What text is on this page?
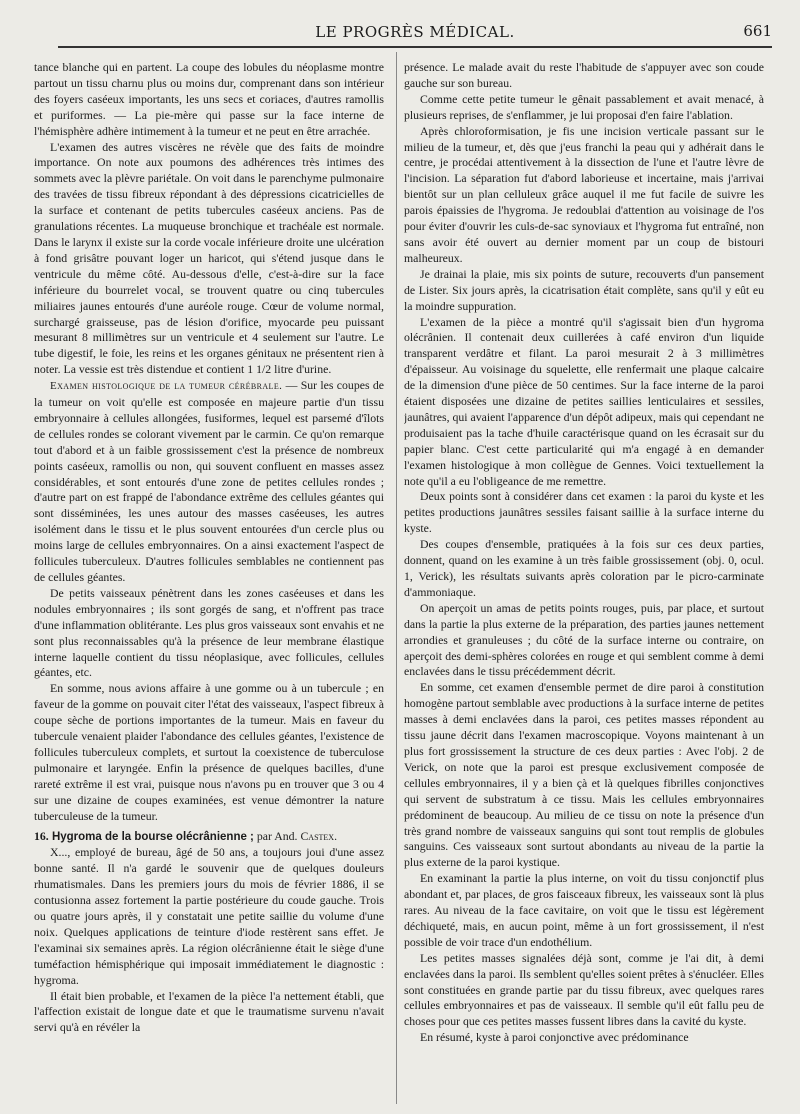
LE PROGRÈS MÉDICAL.	661

tance blanche qui en partent. La coupe des lobules du néoplasme montre partout un tissu charnu plus ou moins dur, comprenant dans son intérieur des foyers caséeux importants, les uns secs et coriaces, d'autres ramollis et puriformes. — La pie-mère qui passe sur la face interne de l'hémisphère adhère intimement à la tumeur et ne peut en être arrachée.

L'examen des autres viscères ne révèle que des faits de moindre importance. On note aux poumons des adhérences très intimes des sommets avec la plèvre pariétale. On voit dans le parenchyme pulmonaire des travées de tissu fibreux répondant à des dépressions cicatricielles de la surface et contenant de petits tubercules caséeux anciens. Pas de granulations récentes. La muqueuse bronchique et trachéale est normale. Dans le larynx il existe sur la corde vocale inférieure droite une ulcération à fond grisâtre pouvant loger un haricot, qui s'étend jusque dans le ventricule du même côté. Au-dessous d'elle, c'est-à-dire sur la face inférieure du bourrelet vocal, se trouvent quatre ou cinq tubercules miliaires jaunes entourés d'une auréole rouge. Cœur de volume normal, surchargé graisseuse, pas de lésion d'orifice, myocarde peu puissant mesurant 8 millimètres sur un ventricule et 4 seulement sur l'autre. Le tube digestif, le foie, les reins et les organes génitaux ne présentent rien à noter. La vessie est très distendue et contient 1 1/2 litre d'urine.

Examen histologique de la tumeur cérébrale. — Sur les coupes de la tumeur on voit qu'elle est composée en majeure partie d'un tissu embryonnaire à cellules allongées, fusiformes, lequel est parsemé d'îlots de cellules rondes se colorant vivement par le carmin. Ce qu'on remarque tout d'abord et à un faible grossissement c'est la présence de nombreux points caséeux, ramollis ou non, qui souvent confluent en masses assez considérables, et sont entourés d'une zone de petites cellules rondes ; d'autre part on est frappé de l'abondance extrême des cellules géantes qui sont disséminées, les unes autour des masses caséeuses, les autres isolément dans le tissu et le plus souvent entourées d'un cercle plus ou moins large de cellules embryonnaires. On a ainsi exactement l'aspect de follicules tuberculeux. D'autres follicules semblables ne contiennent pas de cellules géantes.

De petits vaisseaux pénètrent dans les zones caséeuses et dans les nodules embryonnaires ; ils sont gorgés de sang, et n'offrent pas trace d'une inflammation oblitérante. Les plus gros vaisseaux sont envahis et ne sont plus reconnaissables qu'à la présence de leur membrane élastique interne laquelle contient du tissu néoplasique, avec follicules, cellules géantes, etc.

En somme, nous avions affaire à une gomme ou à un tubercule ; en faveur de la gomme on pouvait citer l'état des vaisseaux, l'aspect fibreux à coupe sèche de portions importantes de la tumeur. Mais en faveur du tubercule venaient plaider l'abondance des cellules géantes, l'existence de follicules tuberculeux complets, et surtout la coexistence de tuberculose pulmonaire et laryngée. Enfin la présence de quelques bacilles, d'une rareté extrême il est vrai, puisque nous n'avons pu en trouver que 3 ou 4 sur une dizaine de coupes examinées, est venue démontrer la nature tuberculeuse de la tumeur.

16. Hygroma de la bourse olécrânienne ; par And. Castex.

X..., employé de bureau, âgé de 50 ans, a toujours joui d'une assez bonne santé. Il n'a gardé le souvenir que de quelques douleurs rhumatismales. Dans les premiers jours du mois de février 1886, il se contusionna assez fortement la partie postérieure du coude gauche. Trois ou quatre jours après, il y constatait une petite saillie du volume d'une noix. Quelques applications de teinture d'iode restèrent sans effet. Je l'examinai six semaines après. La région olécrânienne était le siège d'une tuméfaction hémisphérique qui imposait immédiatement le diagnostic : hygroma.

Il était bien probable, et l'examen de la pièce l'a nettement établi, que l'affection existait de longue date et que le traumatisme survenu n'avait servi qu'à en révéler la

présence. Le malade avait du reste l'habitude de s'appuyer avec son coude gauche sur son bureau.

Comme cette petite tumeur le gênait passablement et avait menacé, à plusieurs reprises, de s'enflammer, je lui proposai d'en faire l'ablation.

Après chloroformisation, je fis une incision verticale passant sur le milieu de la tumeur, et, dès que j'eus franchi la peau qui y adhérait dans le centre, je procédai attentivement à la dissection de l'une et l'autre lèvre de l'incision. La séparation fut d'abord laborieuse et incertaine, mais j'arrivai bientôt sur un plan celluleux grâce auquel il me fut facile de suivre les parois épaissies de l'hygroma. Je redoublai d'attention au voisinage de l'os pour éviter d'ouvrir les culs-de-sac synoviaux et l'hygroma fut entraîné, non sans avoir été ouvert au dernier moment par un coup de bistouri malheureux.

Je drainai la plaie, mis six points de suture, recouverts d'un pansement de Lister. Six jours après, la cicatrisation était complète, sans qu'il y eût eu la moindre suppuration.

L'examen de la pièce a montré qu'il s'agissait bien d'un hygroma olécrânien. Il contenait deux cuillerées à café environ d'un liquide transparent verdâtre et filant. La paroi mesurait 2 à 3 millimètres d'épaisseur. Au voisinage du squelette, elle renfermait une plaque calcaire de la dimension d'une pièce de 50 centimes. Sur la face interne de la paroi étaient disposées une dizaine de petites saillies lenticulaires et sessiles, jaunâtres, qui avaient l'apparence d'un dépôt adipeux, mais qui cependant ne produisaient pas la tache d'huile caractérisque quand on les écrasait sur du papier blanc. C'est cette particularité qui m'a engagé à en demander l'examen histologique à mon collègue de Gennes. Voici textuellement la note qu'il a eu l'obligeance de me remettre.

Deux points sont à considérer dans cet examen : la paroi du kyste et les petites productions jaunâtres sessiles faisant saillie à la surface interne du kyste.

Des coupes d'ensemble, pratiquées à la fois sur ces deux parties, donnent, quand on les examine à un très faible grossissement (obj. 0, ocul. 1, Verick), les résultats suivants après coloration par le picro-carminate d'ammoniaque.

On aperçoit un amas de petits points rouges, puis, par place, et surtout dans la partie la plus externe de la préparation, des parties jaunes nettement arrondies et granuleuses ; du côté de la surface interne ou contraire, on aperçoit des demi-sphères colorées en rouge et qui semblent comme à demi enclavées dans le tissu précédemment décrit.

En somme, cet examen d'ensemble permet de dire paroi à constitution homogène partout semblable avec productions à la surface interne de petites masses à demi enclavées dans la paroi, ces petites masses répondent au tissu jaune décrit dans l'examen macroscopique. Voyons maintenant à un plus fort grossissement la structure de ces deux parties : Avec l'obj. 2 de Verick, on note que la paroi est presque exclusivement composée de cellules embryonnaires, il y a bien çà et là quelques fibrilles conjonctives qui servent de substratum à ce tissu. Mais les cellules embryonnaires prédominent de beaucoup. Au milieu de ce tissu on note la présence d'un très grand nombre de vaisseaux sanguins qui sont tout remplis de globules sanguins. Ces vaisseaux sont surtout abondants au niveau de la partie la plus externe de la paroi kystique.

En examinant la partie la plus interne, on voit du tissu conjonctif plus abondant et, par places, de gros faisceaux fibreux, les vaisseaux sont là plus rares. Au niveau de la face cavitaire, on voit que le tissu est légèrement déchiqueté, mais, en aucun point, même à un fort grossissement, il n'est possible de voir trace d'un endothélium.

Les petites masses signalées déjà sont, comme je l'ai dit, à demi enclavées dans la paroi. Ils semblent qu'elles soient prêtes à s'énucléer. Elles sont constituées en grande partie par du tissu fibreux, avec quelques rares cellules embryonnaires et pas de vaisseaux. Il semble qu'il eût fallu peu de choses pour que ces petites masses fussent libres dans la cavité du kyste.

En résumé, kyste à paroi conjonctive avec prédominance
